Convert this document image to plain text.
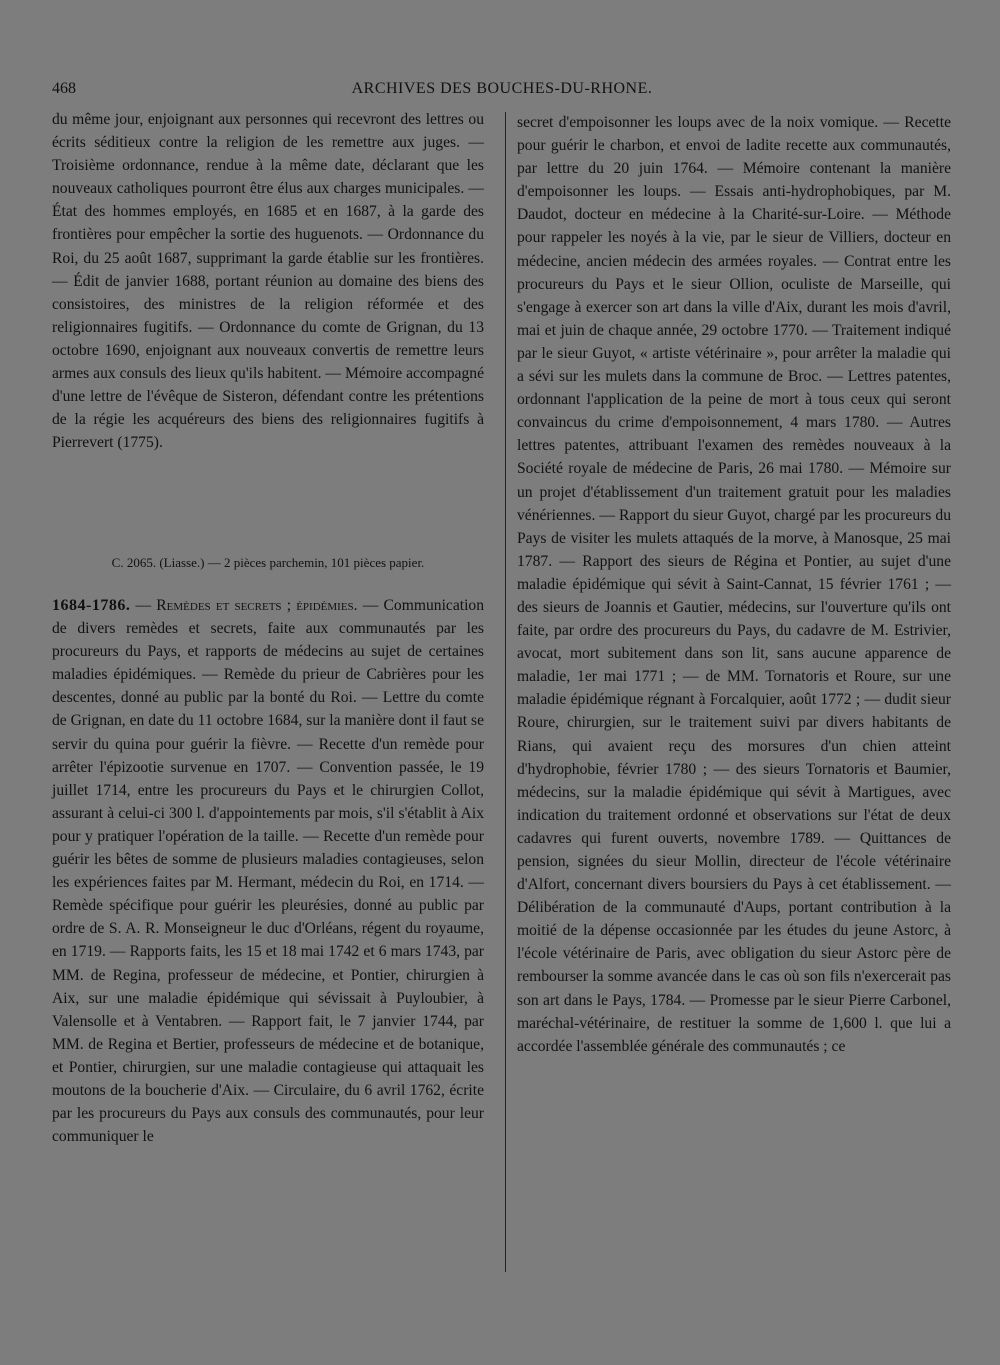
468	ARCHIVES DES BOUCHES-DU-RHONE.

du même jour, enjoignant aux personnes qui recevront des lettres ou écrits séditieux contre la religion de les remettre aux juges. — Troisième ordonnance, rendue à la même date, déclarant que les nouveaux catholiques pourront être élus aux charges municipales. — État des hommes employés, en 1685 et en 1687, à la garde des frontières pour empêcher la sortie des huguenots. — Ordonnance du Roi, du 25 août 1687, supprimant la garde établie sur les frontières. — Édit de janvier 1688, portant réunion au domaine des biens des consistoires, des ministres de la religion réformée et des religionnaires fugitifs. — Ordonnance du comte de Grignan, du 13 octobre 1690, enjoignant aux nouveaux convertis de remettre leurs armes aux consuls des lieux qu'ils habitent. — Mémoire accompagné d'une lettre de l'évêque de Sisteron, défendant contre les prétentions de la régie les acquéreurs des biens des religionnaires fugitifs à Pierrevert (1775).

C. 2065. (Liasse.) — 2 pièces parchemin, 101 pièces papier.
1684-1786. — Remèdes et secrets ; épidémies. — Communication de divers remèdes et secrets, faite aux communautés par les procureurs du Pays, et rapports de médecins au sujet de certaines maladies épidémiques. — Remède du prieur de Cabrières pour les descentes, donné au public par la bonté du Roi. — Lettre du comte de Grignan, en date du 11 octobre 1684, sur la manière dont il faut se servir du quina pour guérir la fièvre. — Recette d'un remède pour arrêter l'épizootie survenue en 1707. — Convention passée, le 19 juillet 1714, entre les procureurs du Pays et le chirurgien Collot, assurant à celui-ci 300 l. d'appointements par mois, s'il s'établit à Aix pour y pratiquer l'opération de la taille. — Recette d'un remède pour guérir les bêtes de somme de plusieurs maladies contagieuses, selon les expériences faites par M. Hermant, médecin du Roi, en 1714. — Remède spécifique pour guérir les pleurésies, donné au public par ordre de S. A. R. Monseigneur le duc d'Orléans, régent du royaume, en 1719. — Rapports faits, les 15 et 18 mai 1742 et 6 mars 1743, par MM. de Regina, professeur de médecine, et Pontier, chirurgien à Aix, sur une maladie épidémique qui sévissait à Puyloubier, à Valensolle et à Ventabren. — Rapport fait, le 7 janvier 1744, par MM. de Regina et Bertier, professeurs de médecine et de botanique, et Pontier, chirurgien, sur une maladie contagieuse qui attaquait les moutons de la boucherie d'Aix. — Circulaire, du 6 avril 1762, écrite par les procureurs du Pays aux consuls des communautés, pour leur communiquer le

secret d'empoisonner les loups avec de la noix vomique. — Recette pour guérir le charbon, et envoi de ladite recette aux communautés, par lettre du 20 juin 1764. — Mémoire contenant la manière d'empoisonner les loups. — Essais anti-hydrophobiques, par M. Daudot, docteur en médecine à la Charité-sur-Loire. — Méthode pour rappeler les noyés à la vie, par le sieur de Villiers, docteur en médecine, ancien médecin des armées royales. — Contrat entre les procureurs du Pays et le sieur Ollion, oculiste de Marseille, qui s'engage à exercer son art dans la ville d'Aix, durant les mois d'avril, mai et juin de chaque année, 29 octobre 1770. — Traitement indiqué par le sieur Guyot, « artiste vétérinaire », pour arrêter la maladie qui a sévi sur les mulets dans la commune de Broc. — Lettres patentes, ordonnant l'application de la peine de mort à tous ceux qui seront convaincus du crime d'empoisonnement, 4 mars 1780. — Autres lettres patentes, attribuant l'examen des remèdes nouveaux à la Société royale de médecine de Paris, 26 mai 1780. — Mémoire sur un projet d'établissement d'un traitement gratuit pour les maladies vénériennes. — Rapport du sieur Guyot, chargé par les procureurs du Pays de visiter les mulets attaqués de la morve, à Manosque, 25 mai 1787. — Rapport des sieurs de Régina et Pontier, au sujet d'une maladie épidémique qui sévit à Saint-Cannat, 15 février 1761 ; — des sieurs de Joannis et Gautier, médecins, sur l'ouverture qu'ils ont faite, par ordre des procureurs du Pays, du cadavre de M. Estrivier, avocat, mort subitement dans son lit, sans aucune apparence de maladie, 1er mai 1771 ; — de MM. Tornatoris et Roure, sur une maladie épidémique régnant à Forcalquier, août 1772 ; — dudit sieur Roure, chirurgien, sur le traitement suivi par divers habitants de Rians, qui avaient reçu des morsures d'un chien atteint d'hydrophobie, février 1780 ; — des sieurs Tornatoris et Baumier, médecins, sur la maladie épidémique qui sévit à Martigues, avec indication du traitement ordonné et observations sur l'état de deux cadavres qui furent ouverts, novembre 1789. — Quittances de pension, signées du sieur Mollin, directeur de l'école vétérinaire d'Alfort, concernant divers boursiers du Pays à cet établissement. — Délibération de la communauté d'Aups, portant contribution à la moitié de la dépense occasionnée par les études du jeune Astorc, à l'école vétérinaire de Paris, avec obligation du sieur Astorc père de rembourser la somme avancée dans le cas où son fils n'exercerait pas son art dans le Pays, 1784. — Promesse par le sieur Pierre Carbonel, maréchal-vétérinaire, de restituer la somme de 1,600 l. que lui a accordée l'assemblée générale des communautés ; ce
